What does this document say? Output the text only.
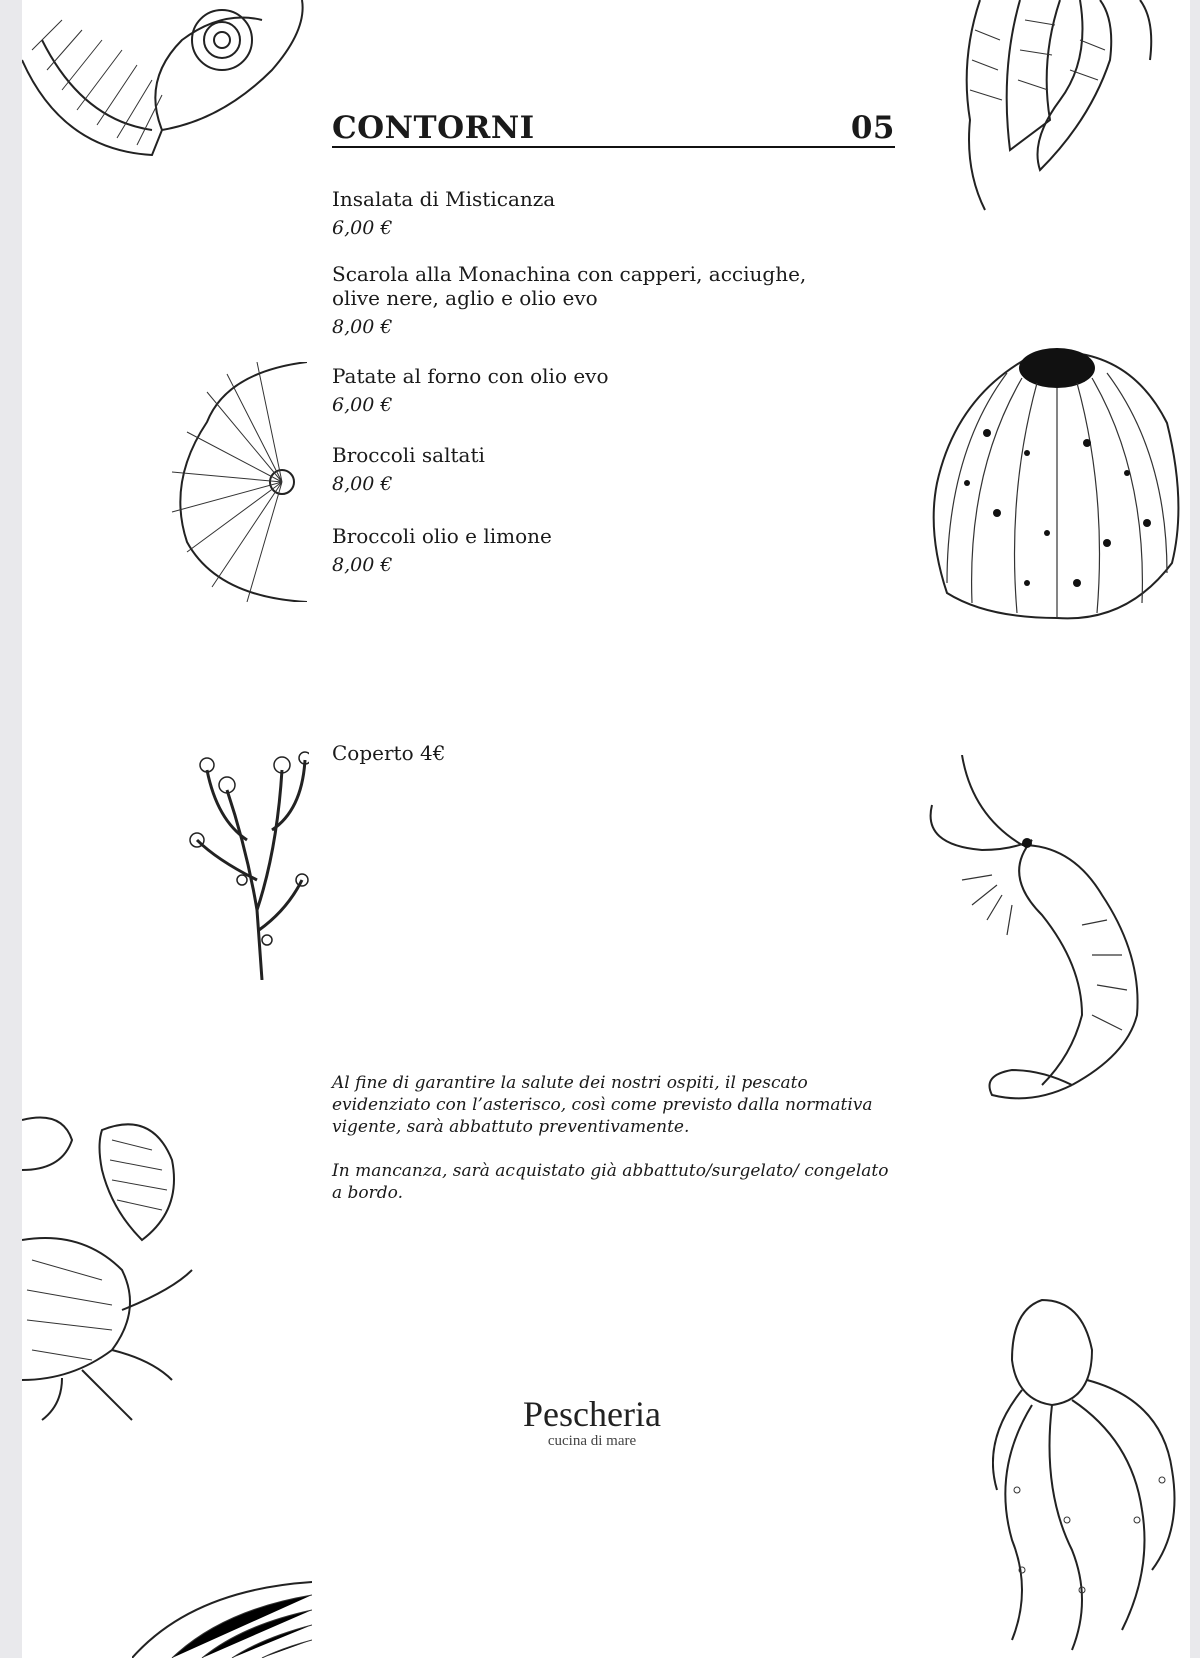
CONTORNI	05
Insalata di Misticanza
6,00 €
Scarola alla Monachina con capperi, acciughe, olive nere, aglio e olio evo
8,00 €
Patate al forno con olio evo
6,00 €
Broccoli saltati
8,00 €
Broccoli olio e limone
8,00 €
Coperto 4€

Al fine di garantire la salute dei nostri ospiti, il pescato evidenziato con l’asterisco, così come previsto dalla normativa vigente, sarà abbattuto preventivamente.

In mancanza, sarà acquistato già abbattuto/surgelato/ congelato a bordo.

Pescheria
cucina di mare
